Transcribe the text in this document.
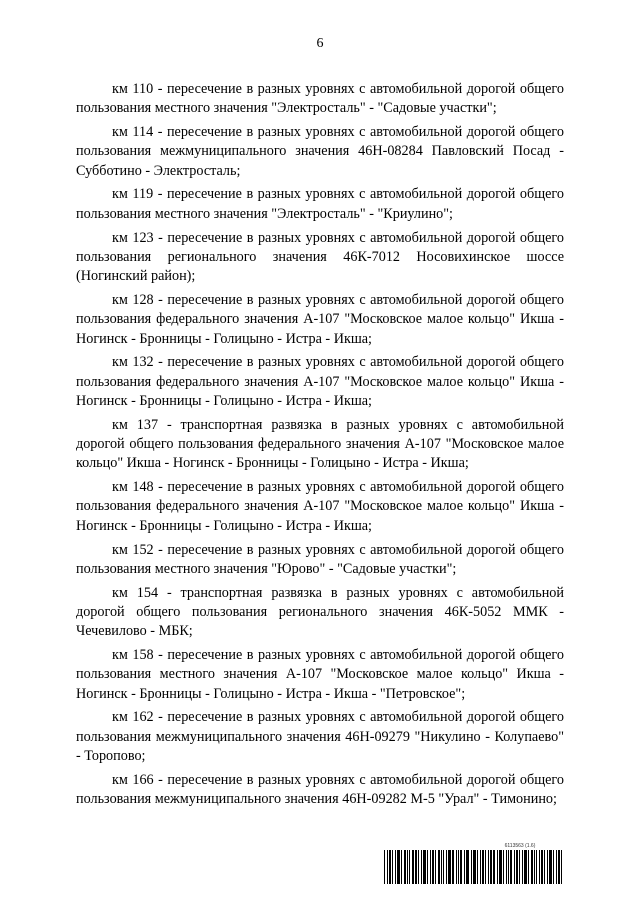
6

км 110 - пересечение в разных уровнях с автомобильной дорогой общего пользования местного значения "Электросталь" - "Садовые участки";

км 114 - пересечение в разных уровнях с автомобильной дорогой общего пользования межмуниципального значения 46Н-08284 Павловский Посад - Субботино - Электросталь;

км 119 - пересечение в разных уровнях с автомобильной дорогой общего пользования местного значения "Электросталь" - "Криулино";

км 123 - пересечение в разных уровнях с автомобильной дорогой общего пользования регионального значения 46К-7012 Носовихинское шоссе (Ногинский район);

км 128 - пересечение в разных уровнях с автомобильной дорогой общего пользования федерального значения А-107 "Московское малое кольцо" Икша - Ногинск - Бронницы - Голицыно - Истра - Икша;

км 132 - пересечение в разных уровнях с автомобильной дорогой общего пользования федерального значения А-107 "Московское малое кольцо" Икша - Ногинск - Бронницы - Голицыно - Истра - Икша;

км 137 - транспортная развязка в разных уровнях с автомобильной дорогой общего пользования федерального значения А-107 "Московское малое кольцо" Икша - Ногинск - Бронницы - Голицыно - Истра - Икша;

км 148 - пересечение в разных уровнях с автомобильной дорогой общего пользования федерального значения А-107 "Московское малое кольцо" Икша - Ногинск - Бронницы - Голицыно - Истра - Икша;

км 152 - пересечение в разных уровнях с автомобильной дорогой общего пользования местного значения "Юрово" - "Садовые участки";

км 154 - транспортная развязка в разных уровнях с автомобильной дорогой общего пользования регионального значения 46К-5052 ММК - Чечевилово - МБК;

км 158 - пересечение в разных уровнях с автомобильной дорогой общего пользования местного значения А-107 "Московское малое кольцо" Икша - Ногинск - Бронницы - Голицыно - Истра - Икша - "Петровское";

км 162 - пересечение в разных уровнях с автомобильной дорогой общего пользования межмуниципального значения 46Н-09279 "Никулино - Колупаево" - Торопово;

км 166 - пересечение в разных уровнях с автомобильной дорогой общего пользования межмуниципального значения 46Н-09282 М-5 "Урал" - Тимонино;

6113563 (1.6)
